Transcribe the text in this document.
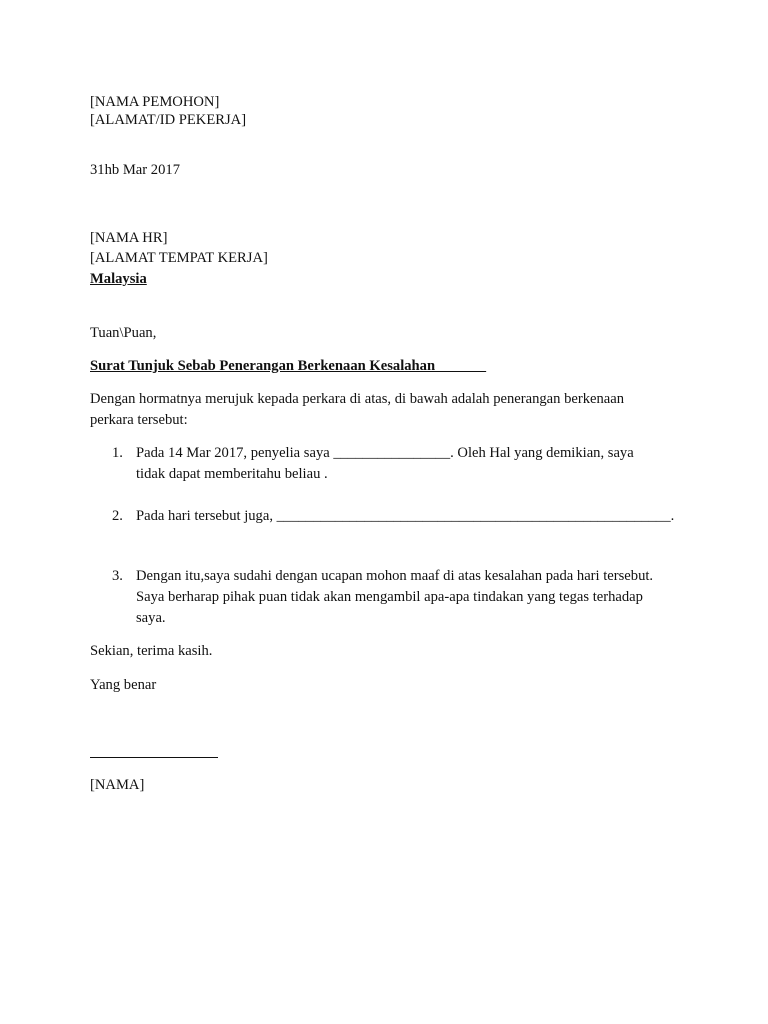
[NAMA PEMOHON]
[ALAMAT/ID PEKERJA]
31hb Mar 2017
[NAMA HR]
[ALAMAT TEMPAT KERJA]
Malaysia
Tuan\Puan,
Surat Tunjuk Sebab Penerangan Berkenaan Kesalahan
Dengan hormatnya merujuk kepada perkara di atas, di bawah adalah penerangan berkenaan
perkara tersebut:
1. Pada 14 Mar 2017, penyelia saya ________________. Oleh Hal yang demikian, saya
tidak dapat memberitahu beliau .
2. Pada hari tersebut juga, ______________________________________________________.
3. Dengan itu,saya sudahi dengan ucapan mohon maaf di atas kesalahan pada hari tersebut.
Saya berharap pihak puan tidak akan mengambil apa-apa tindakan yang tegas terhadap
saya.
Sekian, terima kasih.
Yang benar
[NAMA]
